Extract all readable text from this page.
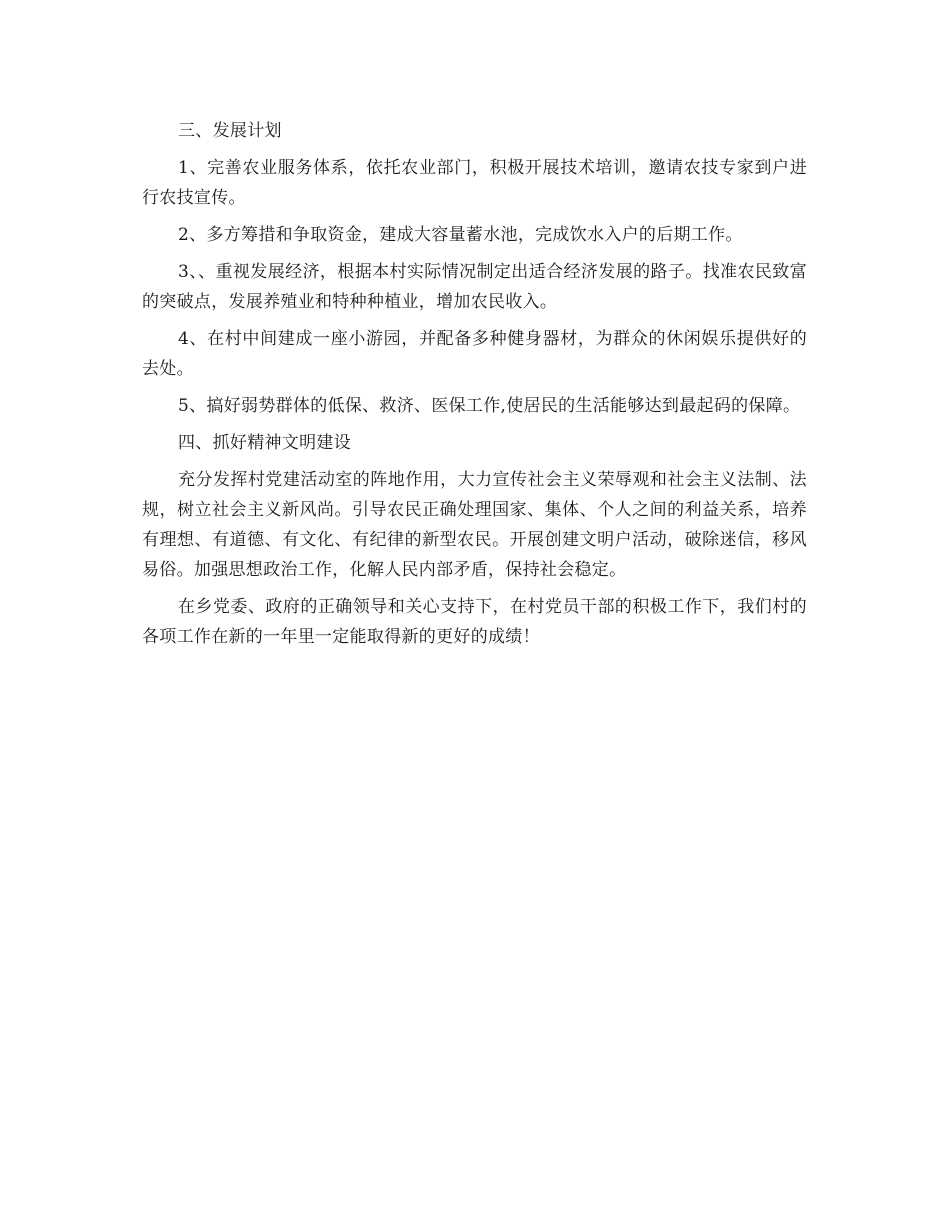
三、发展计划

1、完善农业服务体系，依托农业部门，积极开展技术培训，邀请农技专家到户进行农技宣传。

2、多方筹措和争取资金，建成大容量蓄水池，完成饮水入户的后期工作。

3、、重视发展经济，根据本村实际情况制定出适合经济发展的路子。找准农民致富的突破点，发展养殖业和特种种植业，增加农民收入。

4、在村中间建成一座小游园，并配备多种健身器材，为群众的休闲娱乐提供好的去处。

5、搞好弱势群体的低保、救济、医保工作,使居民的生活能够达到最起码的保障。

四、抓好精神文明建设

充分发挥村党建活动室的阵地作用，大力宣传社会主义荣辱观和社会主义法制、法规，树立社会主义新风尚。引导农民正确处理国家、集体、个人之间的利益关系，培养有理想、有道德、有文化、有纪律的新型农民。开展创建文明户活动，破除迷信，移风易俗。加强思想政治工作，化解人民内部矛盾，保持社会稳定。

在乡党委、政府的正确领导和关心支持下，在村党员干部的积极工作下，我们村的各项工作在新的一年里一定能取得新的更好的成绩！
